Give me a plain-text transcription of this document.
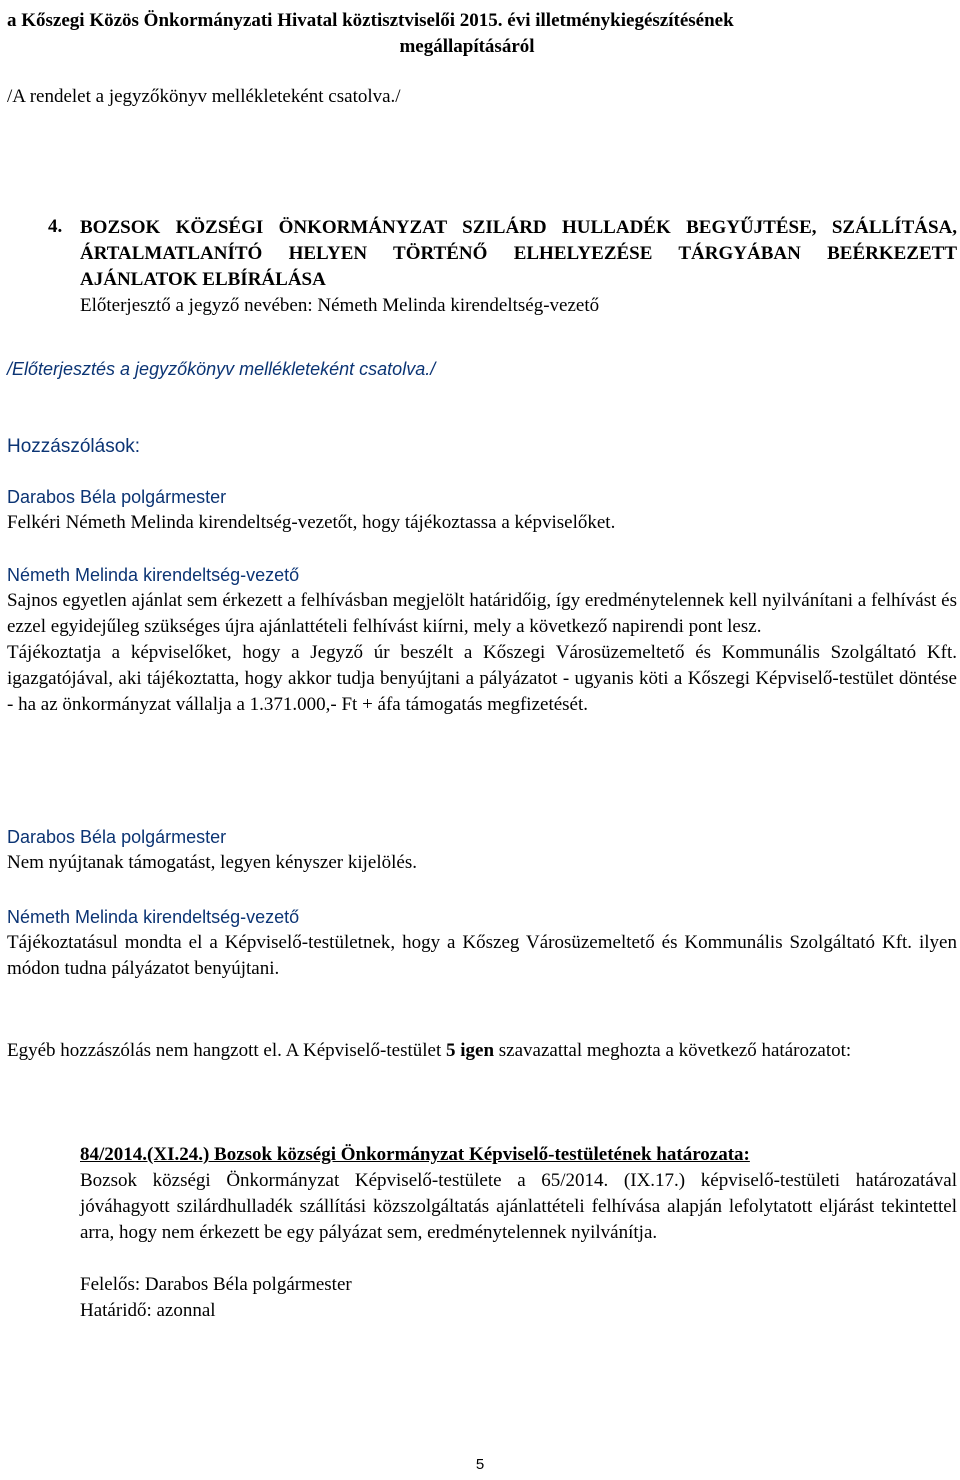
a Kőszegi Közös Önkormányzati Hivatal köztisztviselői 2015. évi illetménykiegészítésének

megállapításáról

/A rendelet a jegyzőkönyv mellékleteként csatolva./

4. BOZSOK KÖZSÉGI ÖNKORMÁNYZAT SZILÁRD HULLADÉK BEGYŰJTÉSE, SZÁLLÍTÁSA, ÁRTALMATLANÍTÓ HELYEN TÖRTÉNŐ ELHELYEZÉSE TÁRGYÁBAN BEÉRKEZETT AJÁNLATOK ELBÍRÁLÁSA

Előterjesztő a jegyző nevében: Németh Melinda kirendeltség-vezető

/Előterjesztés a jegyzőkönyv mellékleteként csatolva./

Hozzászólások:

Darabos Béla polgármester

Felkéri Németh Melinda kirendeltség-vezetőt, hogy tájékoztassa a képviselőket.

Németh Melinda kirendeltség-vezető

Sajnos egyetlen ajánlat sem érkezett a felhívásban megjelölt határidőig, így eredménytelennek kell nyilvánítani a felhívást és ezzel egyidejűleg szükséges újra ajánlattételi felhívást kiírni, mely a következő napirendi pont lesz.

Tájékoztatja a képviselőket, hogy a Jegyző úr beszélt a Kőszegi Városüzemeltető és Kommunális Szolgáltató Kft. igazgatójával, aki tájékoztatta, hogy akkor tudja benyújtani a pályázatot - ugyanis köti a Kőszegi Képviselő-testület döntése - ha az önkormányzat vállalja a 1.371.000,- Ft + áfa támogatás megfizetését.

Darabos Béla polgármester

Nem nyújtanak támogatást, legyen kényszer kijelölés.

Németh Melinda kirendeltség-vezető

Tájékoztatásul mondta el a Képviselő-testületnek, hogy a Kőszeg Városüzemeltető és Kommunális Szolgáltató Kft. ilyen módon tudna pályázatot benyújtani.

Egyéb hozzászólás nem hangzott el. A Képviselő-testület 5 igen szavazattal meghozta a következő határozatot:

84/2014.(XI.24.) Bozsok községi Önkormányzat Képviselő-testületének határozata:

Bozsok községi Önkormányzat Képviselő-testülete a 65/2014. (IX.17.) képviselő-testületi határozatával jóváhagyott szilárdhulladék szállítási közszolgáltatás ajánlattételi felhívása alapján lefolytatott eljárást tekintettel arra, hogy nem érkezett be egy pályázat sem, eredménytelennek nyilvánítja.

Felelős: Darabos Béla polgármester

Határidő: azonnal

5
